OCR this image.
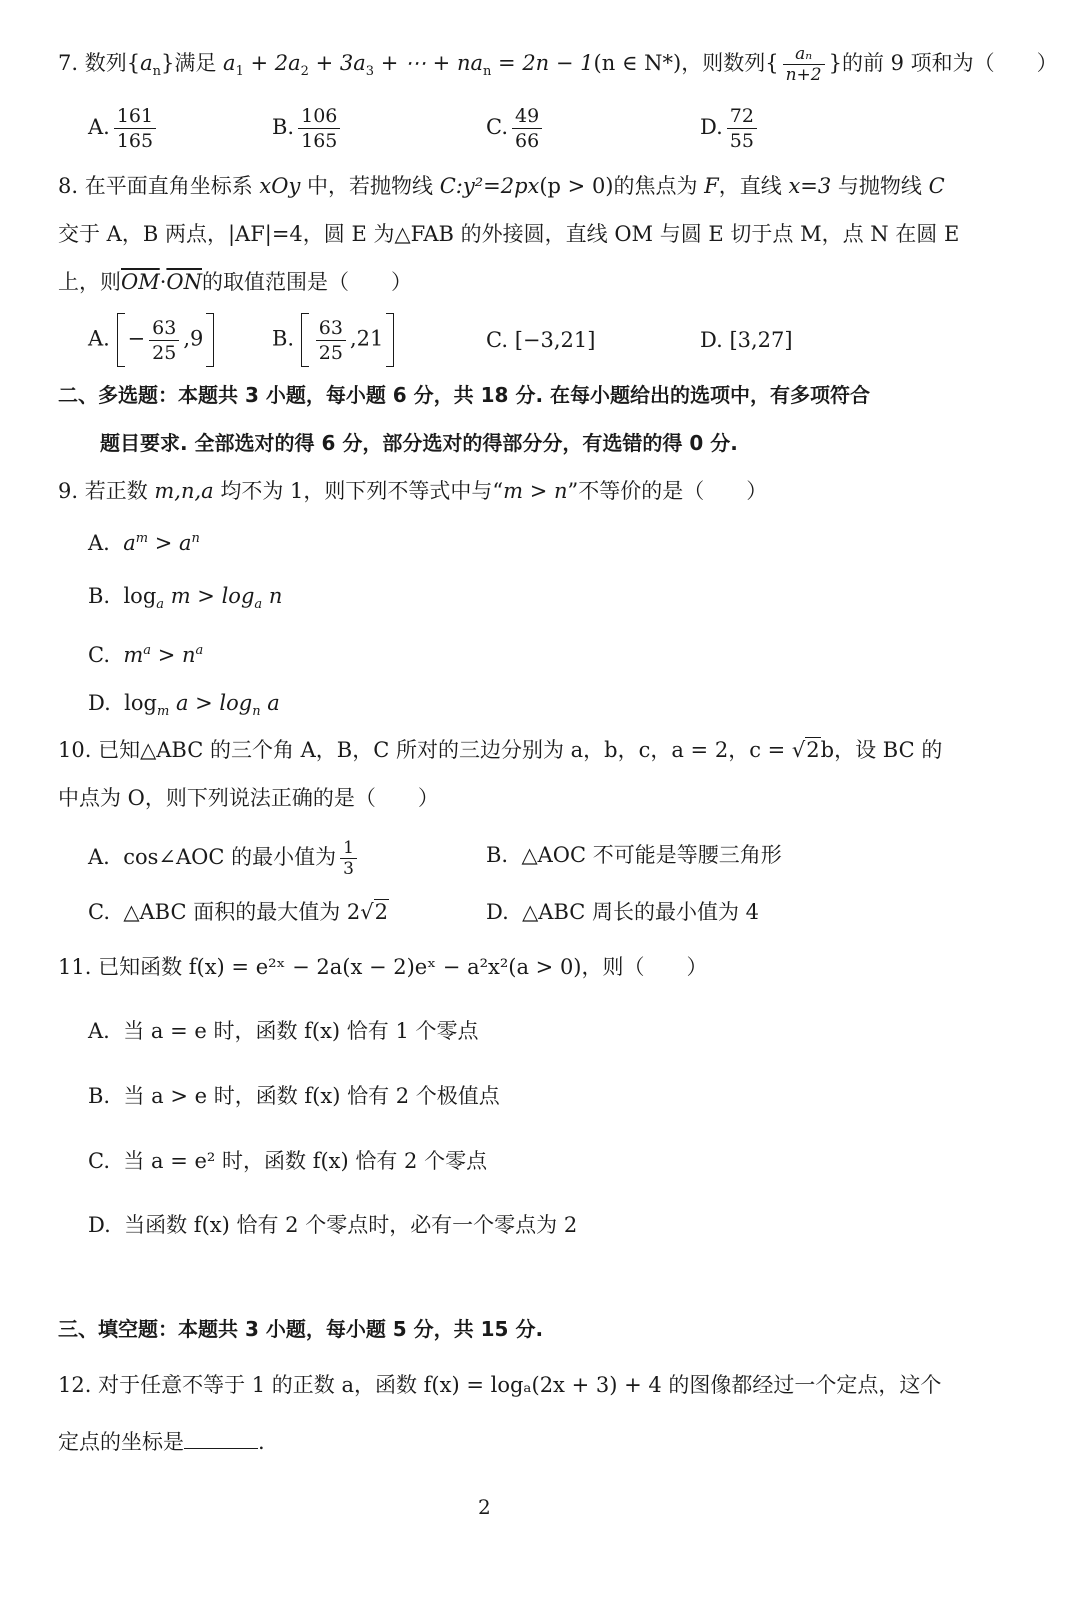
7. 数列$\{a_n\}$满足 $a_1 + 2a_2 + 3a_3$ + ⋯ + $na_n = 2n - 1(n$ ∈ N*)，则数列{ $\frac{\text{aₙ}}{n+2}$ }的前 9 项和为（　　）
A. $\frac{161}{165}$	B. $\frac{106}{165}$	C. $\frac{49}{66}$	D. $\frac{72}{55}$
8. 在平面直角坐标系 xOy 中，若抛物线 C:y²=2px(p > 0)的焦点为 F，直线 x=3 与抛物线 C
交于 A，B 两点，|AF|=4，圆 E 为△FAB 的外接圆，直线 OM 与圆 E 切于点 M，点 N 在圆 E
上，则$\overline{OM}\cdot\overline{ON}$的取值范围是（　　）
A. − $\frac{63}{25} ,9$	B. $\frac{63}{25} ,21$	C. [−3,21]	D. [3,27]
二、多选题：本题共 3 小题，每小题 6 分，共 18 分. 在每小题给出的选项中，有多项符合
题目要求. 全部选对的得 6 分，部分选对的得部分分，有选错的得 0 分.
9. 若正数 m,n,a 均不为 1，则下列不等式中与“m > n”不等价的是（　　）
A. $a^m > a^n$
B. $\log_a m > \log_a n$
C. $m^a > n^a$
D. $\log_m a > \log_n a$
10. 已知△ABC 的三个角 A，B，C 所对的三边分别为 a，b，c，a = 2，c = √2b，设 BC 的
中点为 O，则下列说法正确的是（　　）
A. cos∠AOC 的最小值为 $\frac{1}{3}$	B. △AOC 不可能是等腰三角形
C. △ABC 面积的最大值为 2√2	D. △ABC 周长的最小值为 4
11. 已知函数 f(x) = e²ˣ − 2a(x − 2)eˣ − a²x²(a > 0)，则（　　）
A. 当 a = e 时，函数 f(x) 恰有 1 个零点
B. 当 a > e 时，函数 f(x) 恰有 2 个极值点
C. 当 a = e² 时，函数 f(x) 恰有 2 个零点
D. 当函数 f(x) 恰有 2 个零点时，必有一个零点为 2
三、填空题：本题共 3 小题，每小题 5 分，共 15 分.
12. 对于任意不等于 1 的正数 a，函数 f(x) = logₐ(2x + 3) + 4 的图像都经过一个定点，这个
定点的坐标是	.
2
